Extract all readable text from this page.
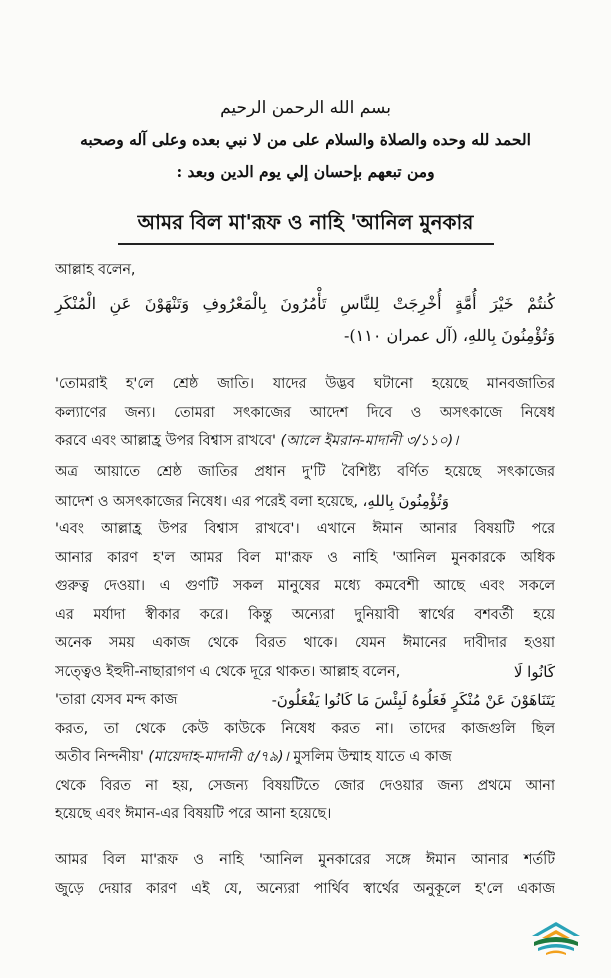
بسم الله الرحمن الرحيم
الحمد لله وحده والصلاة والسلام على من لا نبي بعده وعلى آله وصحبه
ومن تبعهم بإحسان إلي يوم الدين وبعد :
আমর বিল মা'রূফ ও নাহি 'আনিল মুনকার
আল্লাহ বলেন,
كُنتُمْ خَيْرَ أُمَّةٍ أُخْرِجَتْ لِلنَّاسِ تَأْمُرُونَ بِالْمَعْرُوفِ وَتَنْهَوْنَ عَنِ الْمُنْكَرِ
وَتُؤْمِنُونَ بِاللهِ، (آل عمران ١١٠)-
'তোমরাই হ'লে শ্রেষ্ঠ জাতি। যাদের উদ্ভব ঘটানো হয়েছে মানবজাতির
কল্যাণের জন্য। তোমরা সৎকাজের আদেশ দিবে ও অসৎকাজে নিষেধ
করবে এবং আল্লাহ্র উপর বিশ্বাস রাখবে' (আলে ইমরান-মাদানী ৩/১১০)।
অত্র আয়াতে শ্রেষ্ঠ জাতির প্রধান দু'টি বৈশিষ্ট্য বর্ণিত হয়েছে সৎকাজের
আদেশ ও অসৎকাজের নিষেধ। এর পরেই বলা হয়েছে, وَتُؤْمِنُونَ بِاللهِ،
'এবং আল্লাহ্র উপর বিশ্বাস রাখবে'। এখানে ঈমান আনার বিষয়টি পরে
আনার কারণ হ'ল আমর বিল মা'রূফ ও নাহি 'আনিল মুনকারকে অধিক
গুরুত্ব দেওয়া। এ গুণটি সকল মানুষের মধ্যে কমবেশী আছে এবং সকলে
এর মর্যাদা স্বীকার করে। কিন্তু অন্যেরা দুনিয়াবী স্বার্থের বশবর্তী হয়ে
অনেক সময় একাজ থেকে বিরত থাকে। যেমন ঈমানের দাবীদার হওয়া
সত্ত্বেও ইহুদী-নাছারাগণ এ থেকে দূরে থাকত। আল্লাহ বলেন,	كَانُوا لَا
'তারা যেসব মন্দ কাজ	يَتَنَاهَوْنَ عَنْ مُنْكَرٍ فَعَلُوهُ لَبِئْسَ مَا كَانُوا يَفْعَلُونَ-
করত, তা থেকে কেউ কাউকে নিষেধ করত না। তাদের কাজগুলি ছিল
অতীব নিন্দনীয়' (মায়েদাহ-মাদানী ৫/৭৯)। মুসলিম উম্মাহ যাতে এ কাজ
থেকে বিরত না হয়, সেজন্য বিষয়টিতে জোর দেওয়ার জন্য প্রথমে আনা
হয়েছে এবং ঈমান-এর বিষয়টি পরে আনা হয়েছে।
আমর বিল মা'রূফ ও নাহি 'আনিল মুনকারের সঙ্গে ঈমান আনার শর্তটি
জুড়ে দেয়ার কারণ এই যে, অন্যেরা পার্থিব স্বার্থের অনুকূলে হ'লে একাজ
